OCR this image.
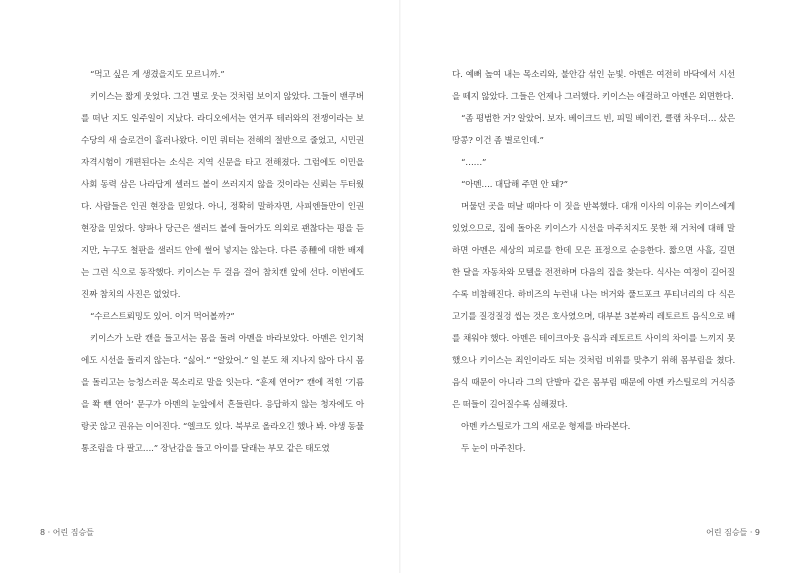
“먹고 싶은 게 생겼을지도 모르니까.”

키이스는 짧게 웃었다. 그건 별로 웃는 것처럼 보이지 않았다. 그들이 밴쿠버를 떠난 지도 일주일이 지났다. 라디오에서는 연거푸 테러와의 전쟁이라는 보수당의 새 슬로건이 흘러나왔다. 이민 쿼터는 전해의 절반으로 줄었고, 시민권 자격시험이 개편된다는 소식은 지역 신문을 타고 전해졌다. 그럼에도 이민을 사회 동력 삼은 나라답게 셀러드 볼이 쓰러지지 않을 것이라는 신뢰는 두터웠다. 사람들은 인권 현장을 믿었다. 아니, 정확히 말하자면, 사피엔들만이 인권 현장을 믿었다. 양파나 당근은 샐러드 볼에 들어가도 의외로 괜찮다는 평을 듣지만, 누구도 철판을 샐러드 안에 썰어 넣지는 않는다. 다른 종種에 대한 배제는 그런 식으로 동작했다. 키이스는 두 걸음 걸어 참치캔 앞에 선다. 이번에도 진짜 참치의 사진은 없었다.

“수르스트뢰밍도 있어. 이거 먹어볼까?”

키이스가 노란 캔을 들고서는 몸을 돌려 아멘을 바라보았다. 아멘은 인기척에도 시선을 돌리지 않는다. “싫어.” “알았어.” 일 분도 채 지나지 않아 다시 몸을 돌리고는 능청스러운 목소리로 말을 잇는다. “훈제 연어?” 캔에 적힌 ‘기름을 쫙 뺀 연어’ 문구가 아멘의 눈앞에서 흔들린다. 응답하지 않는 청자에도 아랑곳 않고 권유는 이어진다. “엘크도 있다. 북부로 올라오긴 했나 봐. 야생 동물 통조림을 다 팔고….” 장난감을 들고 아이를 달래는 부모 같은 태도였

8 · 어린 짐승들

다. 예뻐 높여 내는 목소리와, 불안감 섞인 눈빛. 아멘은 여전히 바닥에서 시선을 떼지 않았다. 그들은 언제나 그러했다. 키이스는 애걸하고 아멘은 외면한다.

“좀 평범한 거? 알았어. 보자. 베이크드 빈, 피밀 베이컨, 클램 차우더… 샀은 땅콩? 이건 좀 별로인데.”

“……”

“아멘…. 대답해 주면 안 돼?”

머물던 곳을 떠날 때마다 이 짓을 반복했다. 대개 이사의 이유는 키이스에게 있었으므로, 집에 돌아온 키이스가 시선을 마주치지도 못한 채 거처에 대해 말하면 아멘은 세상의 피로를 한데 모은 표정으로 순응한다. 짧으면 사흘, 길면 한 달을 자동차와 모텔을 전전하며 다음의 집을 찾는다. 식사는 여정이 길어질수록 비참해진다. 하비즈의 누런내 나는 버거와 풀드포크 푸티너리의 다 식은 고기를 질겅질겅 씹는 것은 호사였으며, 대부분 3분짜리 레토르트 음식으로 배를 채워야 했다. 아멘은 테이크아웃 음식과 레토르트 사이의 차이를 느끼지 못했으나 키이스는 죄인이라도 되는 것처럼 비위를 맞추기 위해 몸부림을 쳤다. 음식 때문이 아니라 그의 단발마 같은 몸부림 때문에 아멘 카스틸로의 거식증은 떠들이 길어질수록 심해졌다.

아멘 카스틸로가 그의 새로운 형제를 바라본다.

두 눈이 마주친다.

어린 짐승들 · 9
